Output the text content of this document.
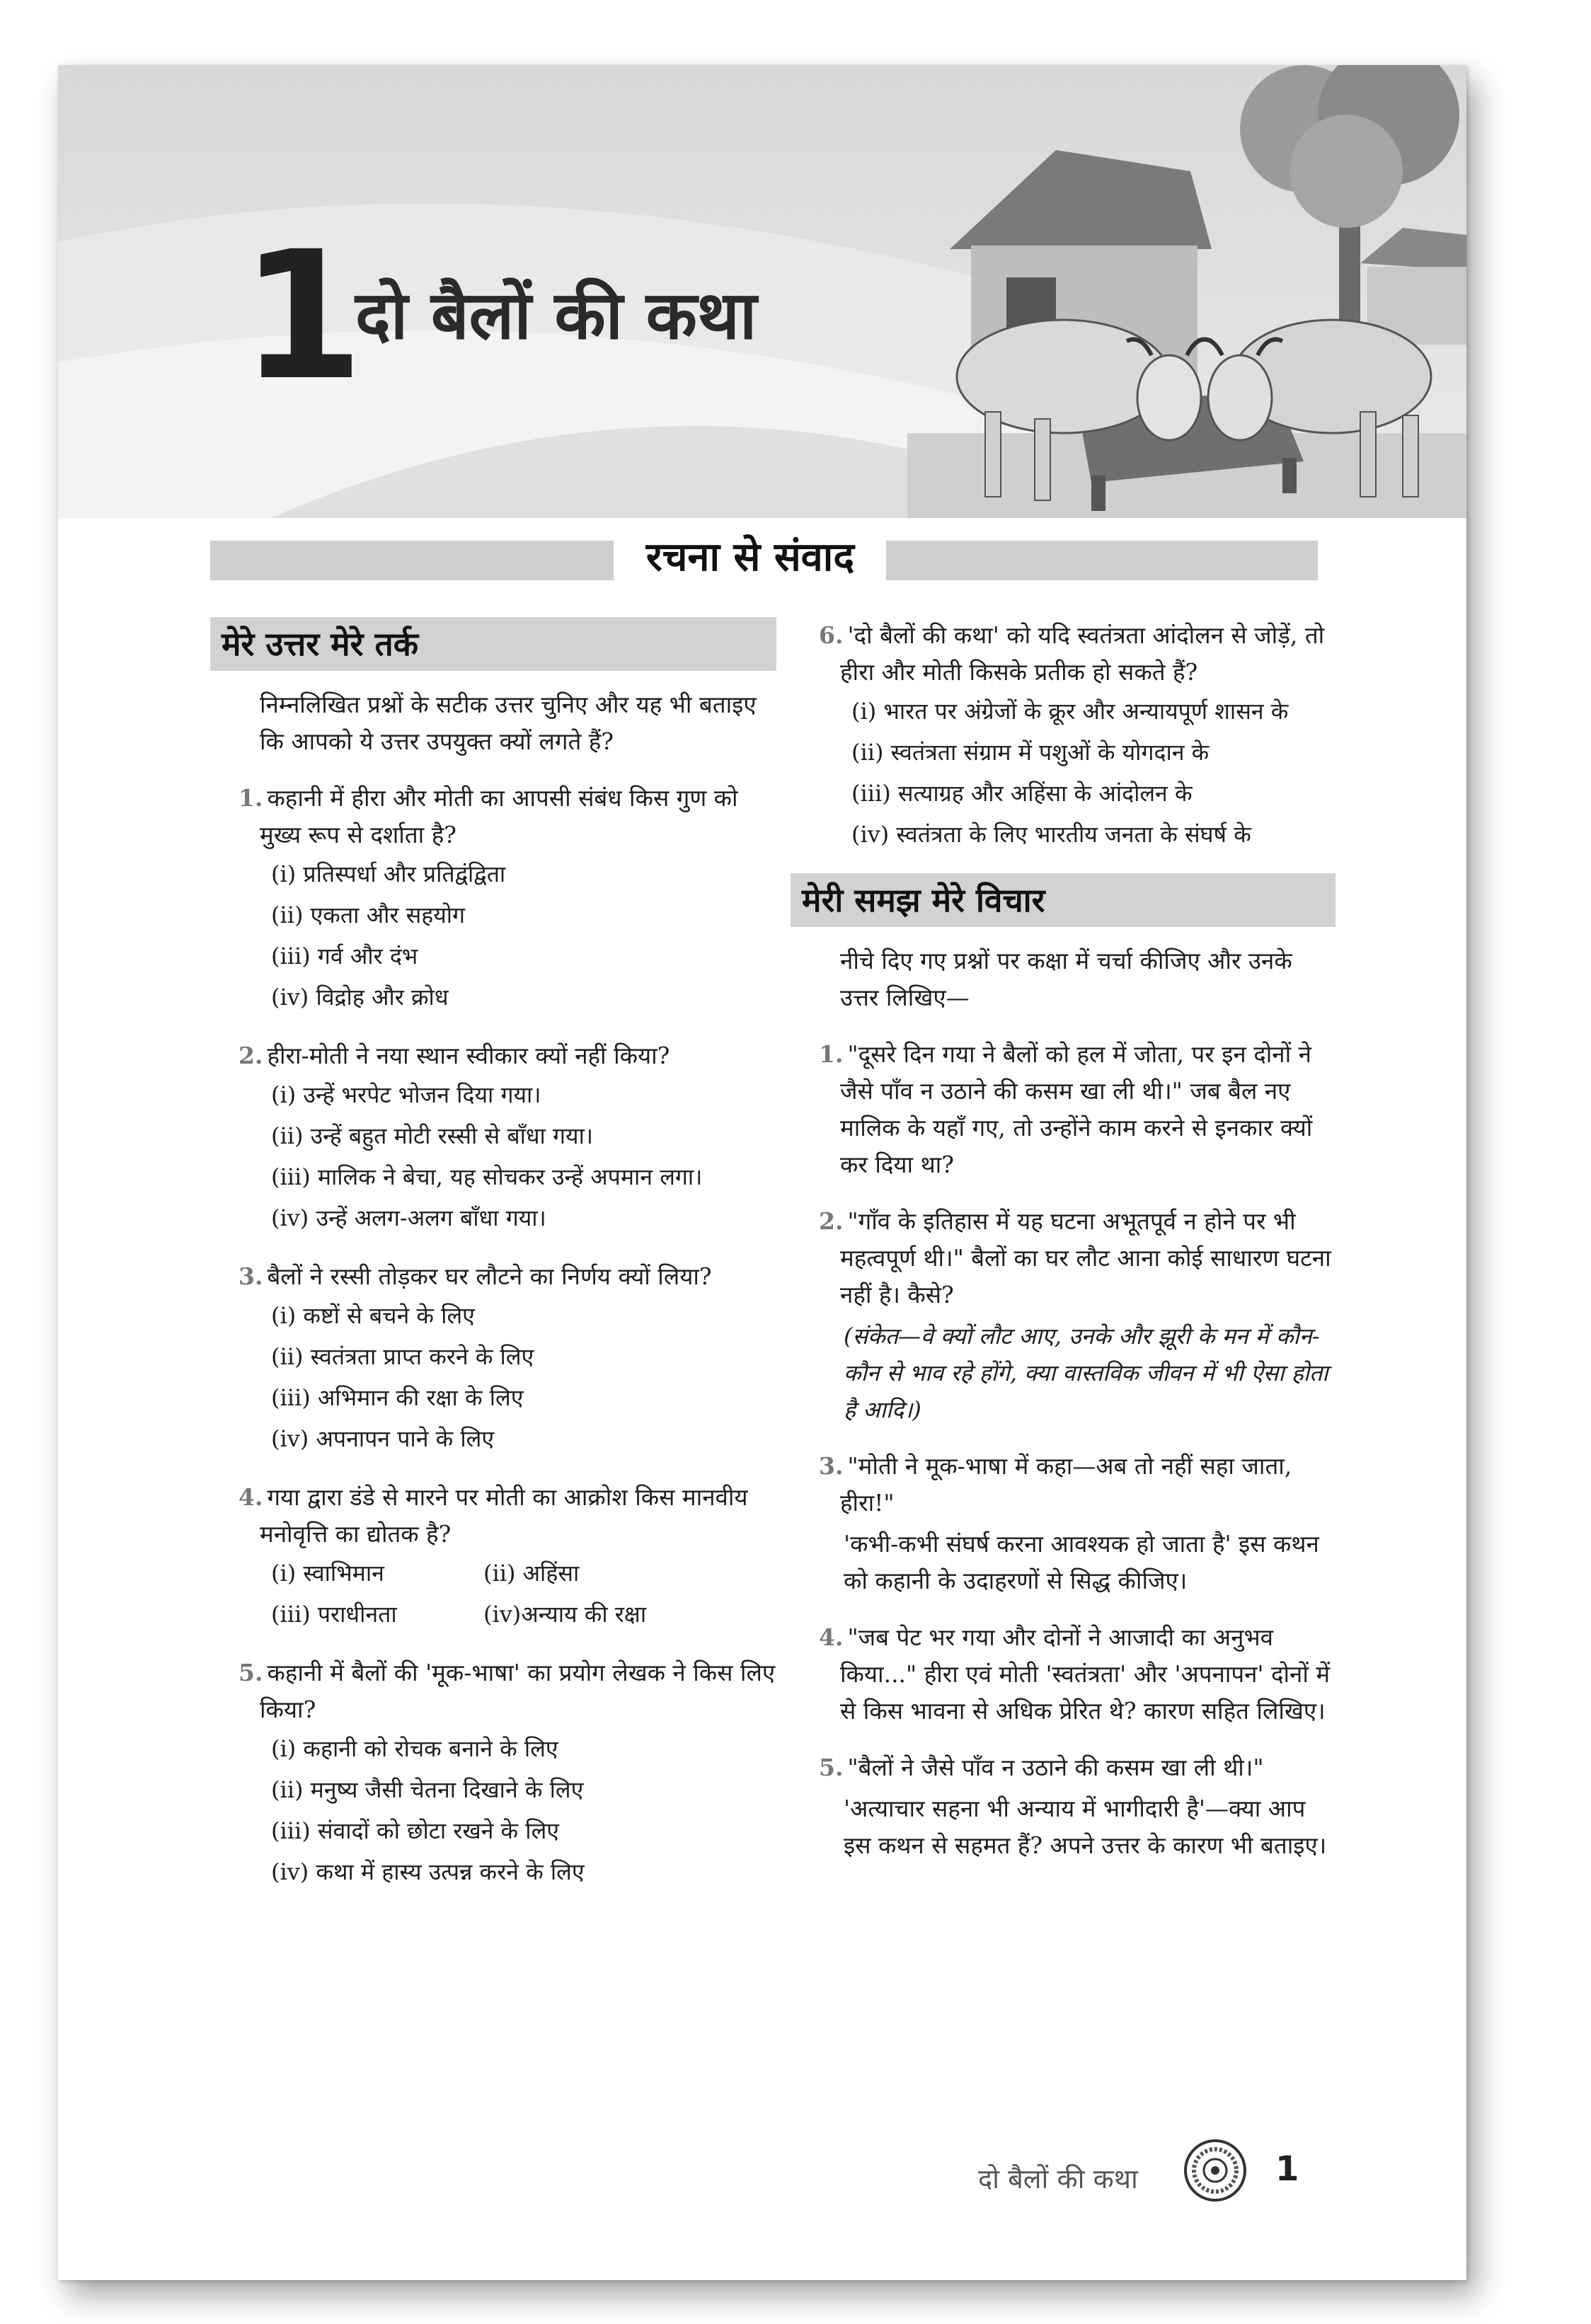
1
दो बैलों की कथा
रचना से संवाद
मेरे उत्तर मेरे तर्क
निम्नलिखित प्रश्नों के सटीक उत्तर चुनिए और यह भी बताइए कि आपको ये उत्तर उपयुक्त क्यों लगते हैं?
1. कहानी में हीरा और मोती का आपसी संबंध किस गुण को मुख्य रूप से दर्शाता है?
(i) प्रतिस्पर्धा और प्रतिद्वंद्विता
(ii) एकता और सहयोग
(iii) गर्व और दंभ
(iv) विद्रोह और क्रोध
2. हीरा-मोती ने नया स्थान स्वीकार क्यों नहीं किया?
(i) उन्हें भरपेट भोजन दिया गया।
(ii) उन्हें बहुत मोटी रस्सी से बाँधा गया।
(iii) मालिक ने बेचा, यह सोचकर उन्हें अपमान लगा।
(iv) उन्हें अलग-अलग बाँधा गया।
3. बैलों ने रस्सी तोड़कर घर लौटने का निर्णय क्यों लिया?
(i) कष्टों से बचने के लिए
(ii) स्वतंत्रता प्राप्त करने के लिए
(iii) अभिमान की रक्षा के लिए
(iv) अपनापन पाने के लिए
4. गया द्वारा डंडे से मारने पर मोती का आक्रोश किस मानवीय मनोवृत्ति का द्योतक है?
(i) स्वाभिमान	(ii) अहिंसा
(iii) पराधीनता	(iv)अन्याय की रक्षा
5. कहानी में बैलों की 'मूक-भाषा' का प्रयोग लेखक ने किस लिए किया?
(i) कहानी को रोचक बनाने के लिए
(ii) मनुष्य जैसी चेतना दिखाने के लिए
(iii) संवादों को छोटा रखने के लिए
(iv) कथा में हास्य उत्पन्न करने के लिए
6. 'दो बैलों की कथा' को यदि स्वतंत्रता आंदोलन से जोड़ें, तो हीरा और मोती किसके प्रतीक हो सकते हैं?
(i) भारत पर अंग्रेजों के क्रूर और अन्यायपूर्ण शासन के
(ii) स्वतंत्रता संग्राम में पशुओं के योगदान के
(iii) सत्याग्रह और अहिंसा के आंदोलन के
(iv) स्वतंत्रता के लिए भारतीय जनता के संघर्ष के
मेरी समझ मेरे विचार
नीचे दिए गए प्रश्नों पर कक्षा में चर्चा कीजिए और उनके उत्तर लिखिए—
1. "दूसरे दिन गया ने बैलों को हल में जोता, पर इन दोनों ने जैसे पाँव न उठाने की कसम खा ली थी।" जब बैल नए मालिक के यहाँ गए, तो उन्होंने काम करने से इनकार क्यों कर दिया था?
2. "गाँव के इतिहास में यह घटना अभूतपूर्व न होने पर भी महत्वपूर्ण थी।" बैलों का घर लौट आना कोई साधारण घटना नहीं है। कैसे?
(संकेत—वे क्यों लौट आए, उनके और झूरी के मन में कौन-कौन से भाव रहे होंगे, क्या वास्तविक जीवन में भी ऐसा होता है आदि।)
3. "मोती ने मूक-भाषा में कहा—अब तो नहीं सहा जाता, हीरा!"
'कभी-कभी संघर्ष करना आवश्यक हो जाता है' इस कथन को कहानी के उदाहरणों से सिद्ध कीजिए।
4. "जब पेट भर गया और दोनों ने आजादी का अनुभव किया..." हीरा एवं मोती 'स्वतंत्रता' और 'अपनापन' दोनों में से किस भावना से अधिक प्रेरित थे? कारण सहित लिखिए।
5. "बैलों ने जैसे पाँव न उठाने की कसम खा ली थी।"
'अत्याचार सहना भी अन्याय में भागीदारी है'—क्या आप इस कथन से सहमत हैं? अपने उत्तर के कारण भी बताइए।
दो बैलों की कथा	1
